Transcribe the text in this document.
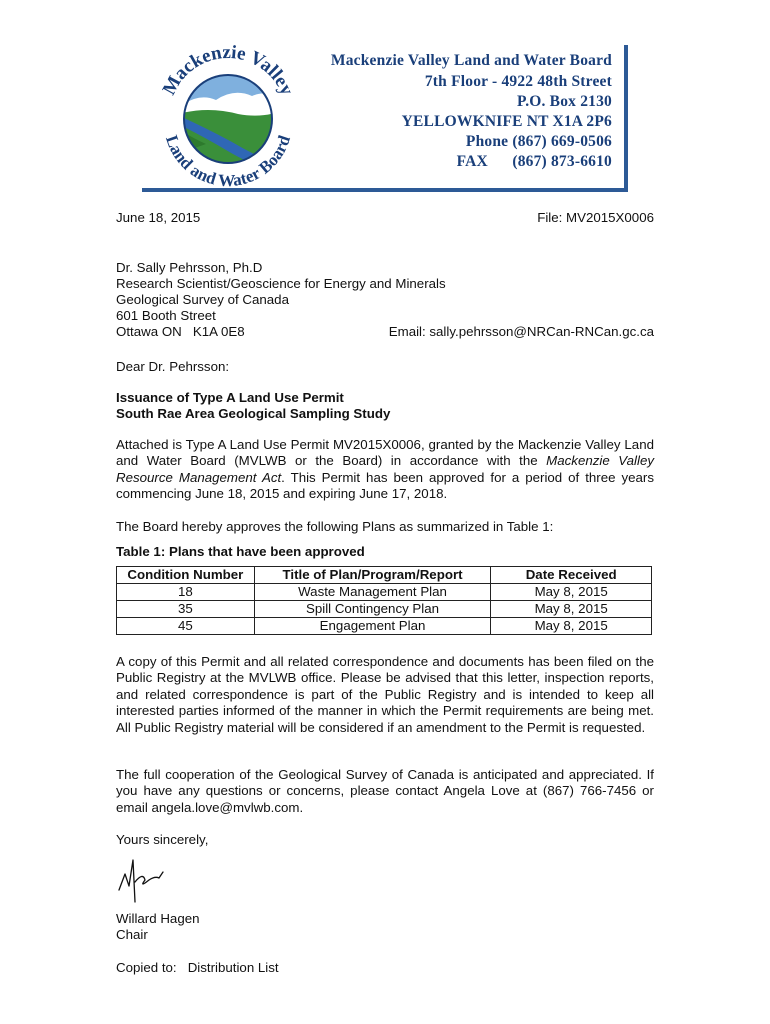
Mackenzie Valley Land and Water Board
7th Floor - 4922 48th Street
P.O. Box 2130
YELLOWKNIFE NT X1A 2P6
Phone (867) 669-0506
FAX      (867) 873-6610
Mackenzie Valley
Land and Water Board
June 18, 2015	File: MV2015X0006
Dr. Sally Pehrsson, Ph.D
Research Scientist/Geoscience for Energy and Minerals
Geological Survey of Canada
601 Booth Street
Ottawa ON   K1A 0E8	Email: sally.pehrsson@NRCan-RNCan.gc.ca
Dear Dr. Pehrsson:
Issuance of Type A Land Use Permit
South Rae Area Geological Sampling Study
Attached is Type A Land Use Permit MV2015X0006, granted by the Mackenzie Valley Land and Water Board (MVLWB or the Board) in accordance with the Mackenzie Valley Resource Management Act. This Permit has been approved for a period of three years commencing June 18, 2015 and expiring June 17, 2018.
The Board hereby approves the following Plans as summarized in Table 1:
Table 1: Plans that have been approved
Condition Number	Title of Plan/Program/Report	Date Received
18	Waste Management Plan	May 8, 2015
35	Spill Contingency Plan	May 8, 2015
45	Engagement Plan	May 8, 2015
A copy of this Permit and all related correspondence and documents has been filed on the Public Registry at the MVLWB office. Please be advised that this letter, inspection reports, and related correspondence is part of the Public Registry and is intended to keep all interested parties informed of the manner in which the Permit requirements are being met. All Public Registry material will be considered if an amendment to the Permit is requested.
The full cooperation of the Geological Survey of Canada is anticipated and appreciated. If you have any questions or concerns, please contact Angela Love at (867) 766-7456 or email angela.love@mvlwb.com.
Yours sincerely,
Willard Hagen
Chair
Copied to:   Distribution List
